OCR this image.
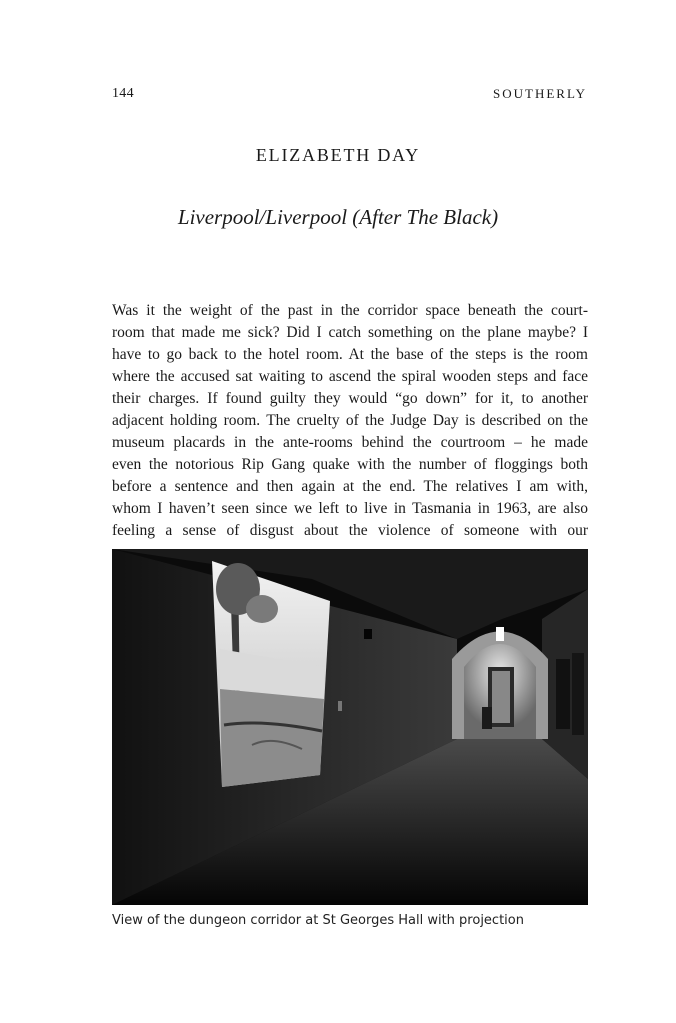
144	SOUTHERLY
ELIZABETH DAY
Liverpool/Liverpool (After The Black)
Was it the weight of the past in the corridor space beneath the court-
room that made me sick? Did I catch something on the plane maybe? I
have to go back to the hotel room. At the base of the steps is the room
where the accused sat waiting to ascend the spiral wooden steps and face
their charges. If found guilty they would “go down” for it, to another
adjacent holding room. The cruelty of the Judge Day is described on the
museum placards in the ante-rooms behind the courtroom – he made
even the notorious Rip Gang quake with the number of floggings both
before a sentence and then again at the end. The relatives I am with,
whom I haven’t seen since we left to live in Tasmania in 1963, are also
feeling a sense of disgust about the violence of someone with our
View of the dungeon corridor at St Georges Hall with projection
